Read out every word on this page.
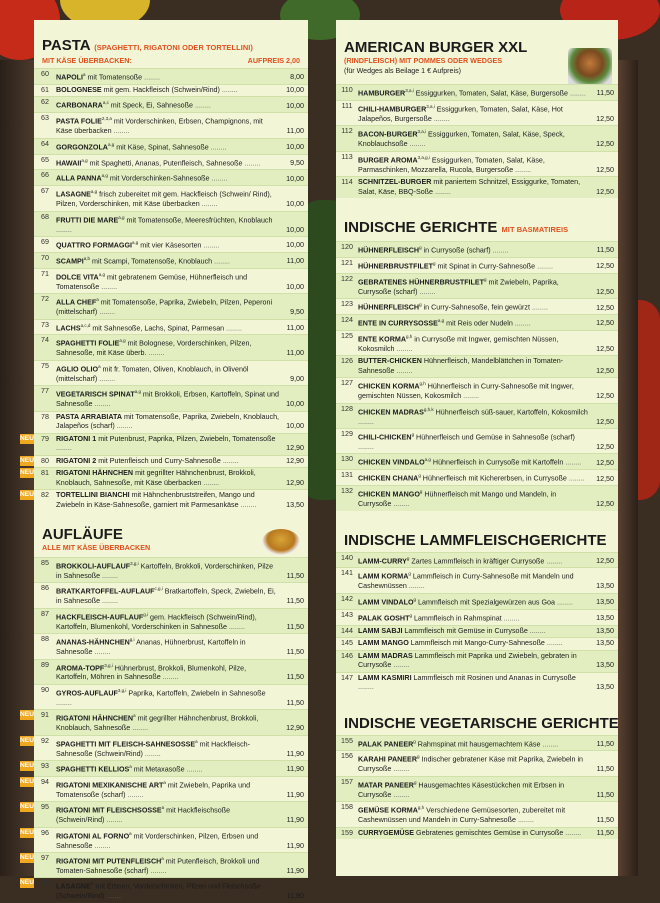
PASTA (SPAGHETTI, RIGATONI ODER TORTELLINI)
MIT KÄSE ÜBERBACKEN:	AUFPREIS 2,00
60 NAPOLI$^a$ mit Tomatensoße ........	8,00
61 BOLOGNESE mit gem. Hackfleisch (Schwein/Rind) ........	10,00
62 CARBONARA$^{a,c}$ mit Speck, Ei, Sahnesoße ........	10,00
63 PASTA FOLIE$^{2,3,a}$ mit Vorderschinken, Erbsen, Champignons, mit Käse überbacken ........	11,00
64 GORGONZOLA$^{a,g}$ mit Käse, Spinat, Sahnesoße ........	10,00
65 HAWAII$^{a,g}$ mit Spaghetti, Ananas, Putenfleisch, Sahnesoße ........	9,50
66 ALLA PANNA$^{a,g}$ mit Vorderschinken-Sahnesoße ........	10,00
67 LASAGNE$^{a,g}$ frisch zubereitet mit gem. Hackfleisch (Schwein/ Rind), Pilzen, Vorderschinken, mit Käse überbacken ........	10,00
68 FRUTTI DIE MARE$^{a,g}$ mit Tomatensoße, Meeresfrüchten, Knoblauch ........	10,00
69 QUATTRO FORMAGGI$^{a,g}$ mit vier Käsesorten ........	10,00
70 SCAMPI$^{a,b}$ mit Scampi, Tomatensoße, Knoblauch ........	11,00
71 DOLCE VITA$^{a,g}$ mit gebratenem Gemüse, Hühnerfleisch und Tomatensoße ........	10,00
72 ALLA CHEF$^a$ mit Tomatensoße, Paprika, Zwiebeln, Pilzen, Peperoni (mittelscharf) ........	9,50
73 LACHS$^{a,c,d}$ mit Sahnesoße, Lachs, Spinat, Parmesan ........	11,00
74 SPAGHETTI FOLIE$^{a,g}$ mit Bolognese, Vorderschinken, Pilzen, Sahnesoße, mit Käse überb. ........	11,00
75 AGLIO OLIO$^a$ mit fr. Tomaten, Oliven, Knoblauch, in Olivenöl (mittelscharf) ........	9,00
77 VEGETARISCH SPINAT$^{a,g}$ mit Brokkoli, Erbsen, Kartoffeln, Spinat und Sahnesoße ........	10,00
78 PASTA ARRABIATA mit Tomatensoße, Paprika, Zwiebeln, Knoblauch, Jalapeños (scharf) ........	10,00
NEU 79 RIGATONI 1 mit Putenbrust, Paprika, Pilzen, Zwiebeln, Tomatensoße ........	12,90
NEU 80 RIGATONI 2 mit Putenfleisch und Curry-Sahnesoße ........	12,90
NEU 81 RIGATONI HÄHNCHEN mit gegrillter Hähnchenbrust, Brokkoli, Knoblauch, Sahnesoße, mit Käse überbacken ........	12,90
NEU 82 TORTELLINI BIANCHI mit Hähnchenbruststreifen, Mango und Zwiebeln in Käse-Sahnesoße, garniert mit Parmesankäse ........	13,50
AUFLÄUFE
ALLE MIT KÄSE ÜBERBACKEN
85 BROKKOLI-AUFLAUF$^{3,g,i}$ Kartoffeln, Brokkoli, Vorderschinken, Pilze in Sahnesoße ........	11,50
86 BRATKARTOFFEL-AUFLAUF$^{c,g,i}$ Bratkartoffeln, Speck, Zwiebeln, Ei, in Sahnesoße ........	11,50
87 HACKFLEISCH-AUFLAUF$^{g,i}$ gem. Hackfleisch (Schwein/Rind), Kartoffeln, Blumenkohl, Vorderschinken in Sahnesoße ........	11,50
88 ANANAS-HÄHNCHEN$^{g,i}$ Ananas, Hühnerbrust, Kartoffeln in Sahnesoße ........	11,50
89 AROMA-TOPF$^{3,g,i}$ Hühnerbrust, Brokkoli, Blumenkohl, Pilze, Kartoffeln, Möhren in Sahnesoße ........	11,50
90 GYROS-AUFLAUF$^{3,g,i}$ Paprika, Kartoffeln, Zwiebeln in Sahnesoße ........	11,50
NEU 91 RIGATONI HÄHNCHEN$^a$ mit gegrillter Hähnchenbrust, Brokkoli, Knoblauch, Sahnesoße ........	12,90
NEU 92 SPAGHETTI MIT FLEISCH-SAHNESOSSE$^a$ mit Hackfleisch-Sahnesoße (Schwein/Rind) ........	11,90
NEU 93 SPAGHETTI KELLIOS$^a$ mit Metaxasoße ........	11,90
NEU 94 RIGATONI MEXIKANISCHE ART$^a$ mit Zwiebeln, Paprika und Tomatensoße (scharf) ........	11,90
NEU 95 RIGATONI MIT FLEISCHSOSSE$^a$ mit Hackfleischsoße (Schwein/Rind) ........	11,90
NEU 96 RIGATONI AL FORNO$^a$ mit Vorderschinken, Pilzen, Erbsen und Sahnesoße ........	11,90
NEU 97 RIGATONI MIT PUTENFLEISCH$^a$ mit Putenfleisch, Brokkoli und Tomaten-Sahnesoße (scharf) ........	11,90
NEU 98 LASAGNE$^a$ mit Erbsen, Vorderschinken, Pilzen und Fleischsoße (Schwein/Rind) ........	11,90
AMERICAN BURGER XXL
(RINDFLEISCH) MIT POMMES ODER WEDGES
(für Wedges als Beilage 1 € Aufpreis)
110 HAMBURGER$^{3,a,i}$ Essiggurken, Tomaten, Salat, Käse, Burgersoße ........ 11,50
111 CHILI-HAMBURGER$^{3,a,i}$ Essiggurken, Tomaten, Salat, Käse, Hot Jalapeños, Burgersoße ........	12,50
112 BACON-BURGER$^{3,a,i}$ Essiggurken, Tomaten, Salat, Käse, Speck, Knoblauchsoße ........	12,50
113 BURGER AROMA$^{3,a,g,i}$ Essiggurken, Tomaten, Salat, Käse, Parmaschinken, Mozzarella, Rucola, Burgersoße ........	12,50
114 SCHNITZEL-BURGER mit paniertem Schnitzel, Essiggurke, Tomaten, Salat, Käse, BBQ-Soße ........	12,50
INDISCHE GERICHTE MIT BASMATIREIS
120 HÜHNERFLEISCH$^g$ in Currysoße (scharf) ........	11,50
121 HÜHNERBRUSTFILET$^g$ mit Spinat in Curry-Sahnesoße ........	12,50
122 GEBRATENES HÜHNERBRUSTFILET$^g$ mit Zwiebeln, Paprika, Currysoße (scharf) ........	12,50
123 HÜHNERFLEISCH$^g$ in Curry-Sahnesoße, fein gewürzt ........	12,50
124 ENTE IN CURRYSOSSE$^{a,g}$ mit Reis oder Nudeln ........	12,50
125 ENTE KORMA$^{g,h}$ in Currysoße mit Ingwer, gemischten Nüssen, Kokosmilch ........	12,50
126 BUTTER-CHICKEN Hühnerfleisch, Mandelblättchen in Tomaten-Sahnesoße ........	12,50
127 CHICKEN KORMA$^{g,h}$ Hühnerfleisch in Curry-Sahnesoße mit Ingwer, gemischten Nüssen, Kokosmilch ........	12,50
128 CHICKEN MADRAS$^{g,h,k}$ Hühnerfleisch süß-sauer, Kartoffeln, Kokosmilch ........	12,50
129 CHILI-CHICKEN$^g$ Hühnerfleisch und Gemüse in Sahnesoße (scharf) ........	12,50
130 CHICKEN VINDALO$^{a,g}$ Hühnerfleisch in Currysoße mit Kartoffeln ........ 12,50
131 CHICKEN CHANA$^g$ Hühnerfleisch mit Kichererbsen, in Currysoße ........ 12,50
132 CHICKEN MANGO$^g$ Hühnerfleisch mit Mango und Mandeln, in Currysoße ........	12,50
INDISCHE LAMMFLEISCHGERICHTE
140 LAMM-CURRY$^g$ Zartes Lammfleisch in kräftiger Currysoße ........	12,50
141 LAMM KORMA$^g$ Lammfleisch in Curry-Sahnesoße mit Mandeln und Cashewnüssen ........	13,50
142 LAMM VINDALO$^g$ Lammfleisch mit Spezialgewürzen aus Goa ........	13,50
143 PALAK GOSHT$^g$ Lammfleisch in Rahmspinat ........	13,50
144 LAMM SABJI Lammfleisch mit Gemüse in Currysoße ........	13,50
145 LAMM MANGO Lammfleisch mit Mango-Curry-Sahnesoße ........	13,50
146 LAMM MADRAS Lammfleisch mit Paprika und Zwiebeln, gebraten in Currysoße ........	13,50
147 LAMM KASMIRI Lammfleisch mit Rosinen und Ananas in Currysoße ........	13,50
INDISCHE VEGETARISCHE GERICHTE
155 PALAK PANEER$^g$ Rahmspinat mit hausgemachtem Käse ........	11,50
156 KARAHI PANEER$^g$ Indischer gebratener Käse mit Paprika, Zwiebeln in Currysoße ........	11,50
157 MATAR PANEER$^g$ Hausgemachtes Käsestückchen mit Erbsen in Currysoße ........	11,50
158 GEMÜSE KORMA$^{g,h}$ Verschiedene Gemüsesorten, zubereitet mit Cashewnüssen und Mandeln in Curry-Sahnesoße ........	11,50
159 CURRYGEMÜSE Gebratenes gemischtes Gemüse in Currysoße ........ 11,50
